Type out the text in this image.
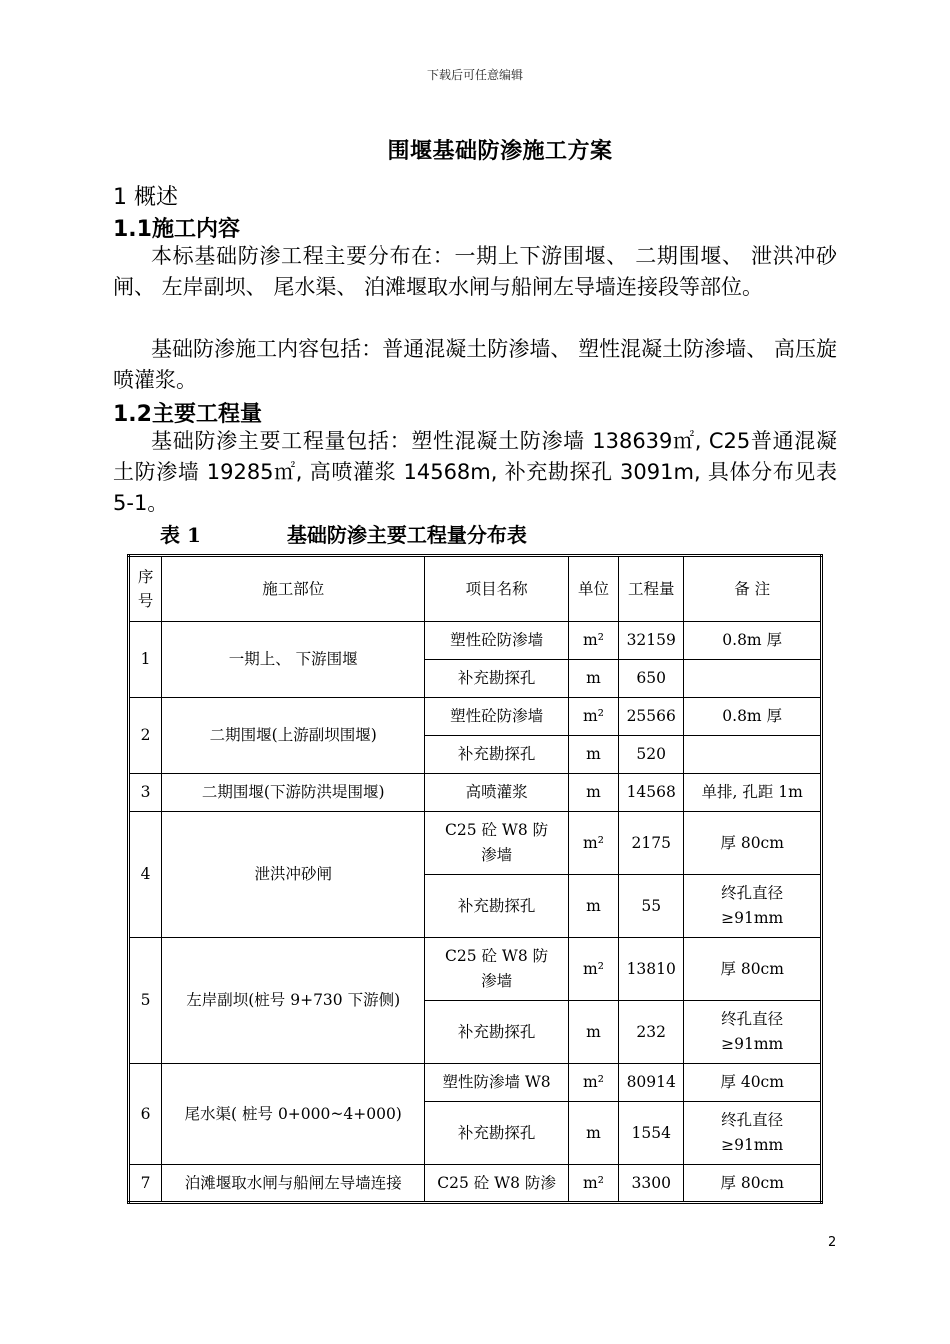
下载后可任意编辑
围堰基础防渗施工方案
1 概述
1.1施工内容

本标基础防渗工程主要分布在：一期上下游围堰、 二期围堰、 泄洪冲砂闸、 左岸副坝、 尾水渠、 泊滩堰取水闸与船闸左导墙连接段等部位。

基础防渗施工内容包括：普通混凝土防渗墙、 塑性混凝土防渗墙、 高压旋喷灌浆。

1.2主要工程量

基础防渗主要工程量包括：塑性混凝土防渗墙 138639㎡, C25普通混凝土防渗墙 19285㎡, 高喷灌浆 14568m, 补充勘探孔 3091m, 具体分布见表 5-1。

表 1	基础防渗主要工程量分布表
序号	施工部位	项目名称	单位	工程量	备 注
1	一期上、 下游围堰	塑性砼防渗墙	m²	32159	0.8m 厚
		补充勘探孔	m	650	
2	二期围堰(上游副坝围堰)	塑性砼防渗墙	m²	25566	0.8m 厚
		补充勘探孔	m	520	
3	二期围堰(下游防洪堤围堰)	高喷灌浆	m	14568	单排, 孔距 1m
4	泄洪冲砂闸	C25 砼 W8 防渗墙	m²	2175	厚 80cm
		补充勘探孔	m	55	终孔直径≥91mm
5	左岸副坝(桩号 9+730 下游侧)	C25 砼 W8 防渗墙	m²	13810	厚 80cm
		补充勘探孔	m	232	终孔直径≥91mm
6	尾水渠( 桩号 0+000~4+000)	塑性防渗墙 W8	m²	80914	厚 40cm
		补充勘探孔	m	1554	终孔直径≥91mm
7	泊滩堰取水闸与船闸左导墙连接	C25 砼 W8 防渗	m²	3300	厚 80cm
2
